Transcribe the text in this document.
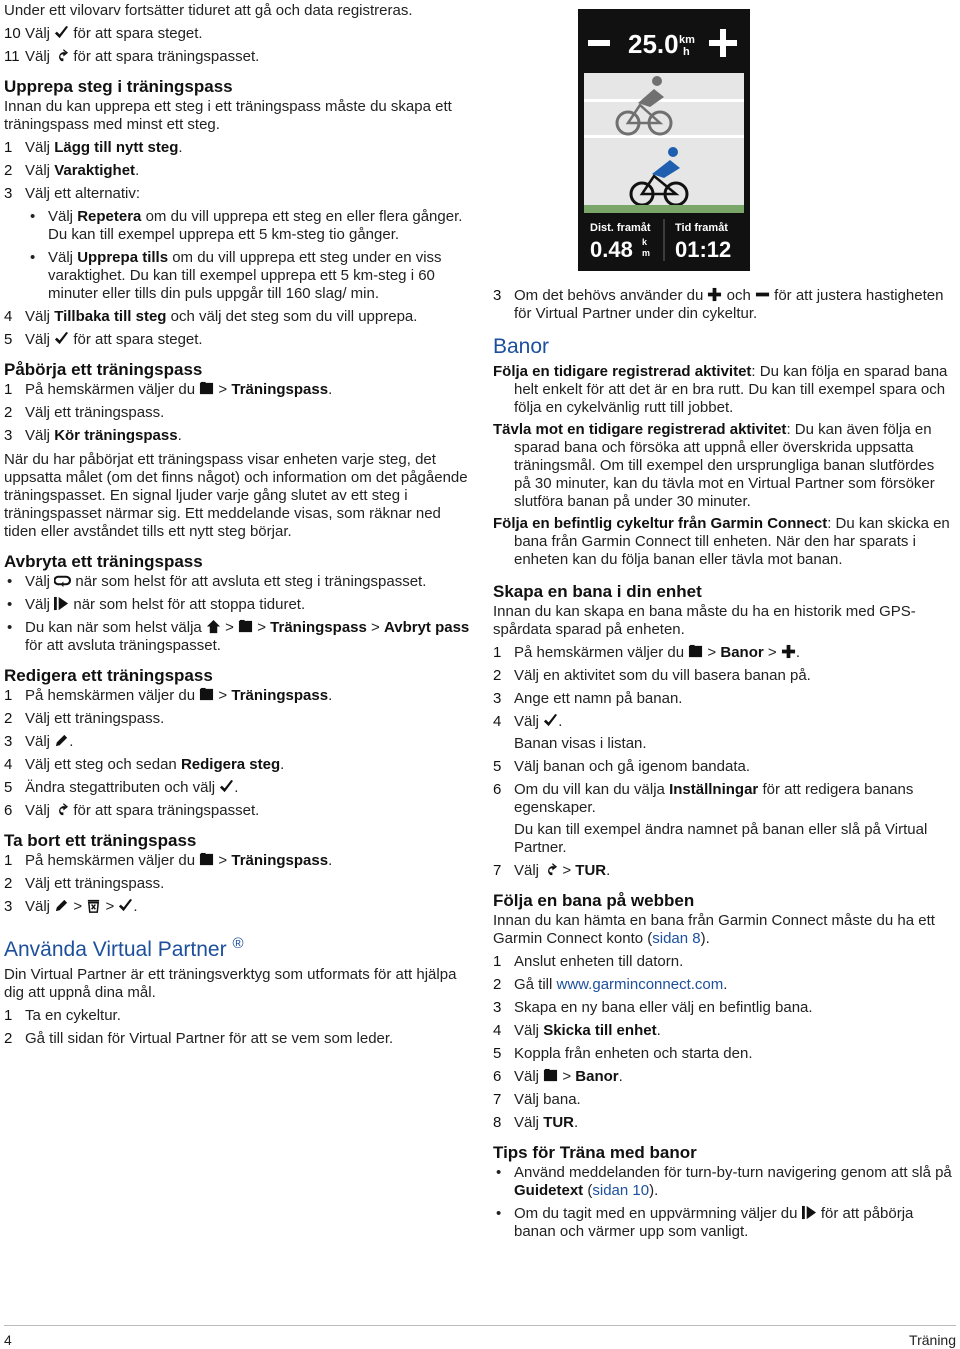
Under ett vilovarv fortsätter tiduret att gå och data registreras.

10 Välj för att spara steget.
11 Välj för att spara träningspasset.
Upprepa steg i träningspass

Innan du kan upprepa ett steg i ett träningspass måste du skapa ett träningspass med minst ett steg.

1 Välj Lägg till nytt steg.
2 Välj Varaktighet.
3 Välj ett alternativ:
• Välj Repetera om du vill upprepa ett steg en eller flera gånger. Du kan till exempel upprepa ett 5 km-steg tio gånger.
• Välj Upprepa tills om du vill upprepa ett steg under en viss varaktighet. Du kan till exempel upprepa ett 5 km-steg i 60 minuter eller tills din puls uppgår till 160 slag/ min.
4 Välj Tillbaka till steg och välj det steg som du vill upprepa.
5 Välj för att spara steget.
Påbörja ett träningspass
1 På hemskärmen väljer du > Träningspass.
2 Välj ett träningspass.
3 Välj Kör träningspass.

När du har påbörjat ett träningspass visar enheten varje steg, det uppsatta målet (om det finns något) och information om det pågående träningspasset. En signal ljuder varje gång slutet av ett steg i träningspasset närmar sig. Ett meddelande visas, som räknar ned tiden eller avståndet tills ett nytt steg börjar.

Avbryta ett träningspass
• Välj när som helst för att avsluta ett steg i träningspasset.
• Välj när som helst för att stoppa tiduret.
• Du kan när som helst välja > > Träningspass > Avbryt pass för att avsluta träningspasset.
Redigera ett träningspass
1 På hemskärmen väljer du > Träningspass.
2 Välj ett träningspass.
3 Välj .
4 Välj ett steg och sedan Redigera steg.
5 Ändra stegattributen och välj .
6 Välj för att spara träningspasset.
Ta bort ett träningspass
1 På hemskärmen väljer du > Träningspass.
2 Välj ett träningspass.
3 Välj > > .
Använda Virtual Partner ®

Din Virtual Partner är ett träningsverktyg som utformats för att hjälpa dig att uppnå dina mål.

1 Ta en cykeltur.
2 Gå till sidan för Virtual Partner för att se vem som leder.
25.0 km
h
Dist. framåt
0.48 k
m
Tid framåt
01:12
3 Om det behövs använder du och för att justera hastigheten för Virtual Partner under din cykeltur.
Banor

Följa en tidigare registrerad aktivitet: Du kan följa en sparad bana helt enkelt för att det är en bra rutt. Du kan till exempel spara och följa en cykelvänlig rutt till jobbet.

Tävla mot en tidigare registrerad aktivitet: Du kan även följa en sparad bana och försöka att uppnå eller överskrida uppsatta träningsmål. Om till exempel den ursprungliga banan slutfördes på 30 minuter, kan du tävla mot en Virtual Partner som försöker slutföra banan på under 30 minuter.

Följa en befintlig cykeltur från Garmin Connect: Du kan skicka en bana från Garmin Connect till enheten. När den har sparats i enheten kan du följa banan eller tävla mot banan.

Skapa en bana i din enhet

Innan du kan skapa en bana måste du ha en historik med GPS-spårdata sparad på enheten.

1 På hemskärmen väljer du > Banor > .
2 Välj en aktivitet som du vill basera banan på.
3 Ange ett namn på banan.
4 Välj .

Banan visas i listan.

5 Välj banan och gå igenom bandata.
6 Om du vill kan du välja Inställningar för att redigera banans egenskaper.

Du kan till exempel ändra namnet på banan eller slå på Virtual Partner.

7 Välj > TUR.
Följa en bana på webben

Innan du kan hämta en bana från Garmin Connect måste du ha ett Garmin Connect konto (sidan 8).

1 Anslut enheten till datorn.
2 Gå till www.garminconnect.com.
3 Skapa en ny bana eller välj en befintlig bana.
4 Välj Skicka till enhet.
5 Koppla från enheten och starta den.
6 Välj > Banor.
7 Välj bana.
8 Välj TUR.
Tips för Träna med banor
• Använd meddelanden för turn-by-turn navigering genom att slå på Guidetext (sidan 10).
• Om du tagit med en uppvärmning väljer du för att påbörja banan och värmer upp som vanligt.
4	Träning
